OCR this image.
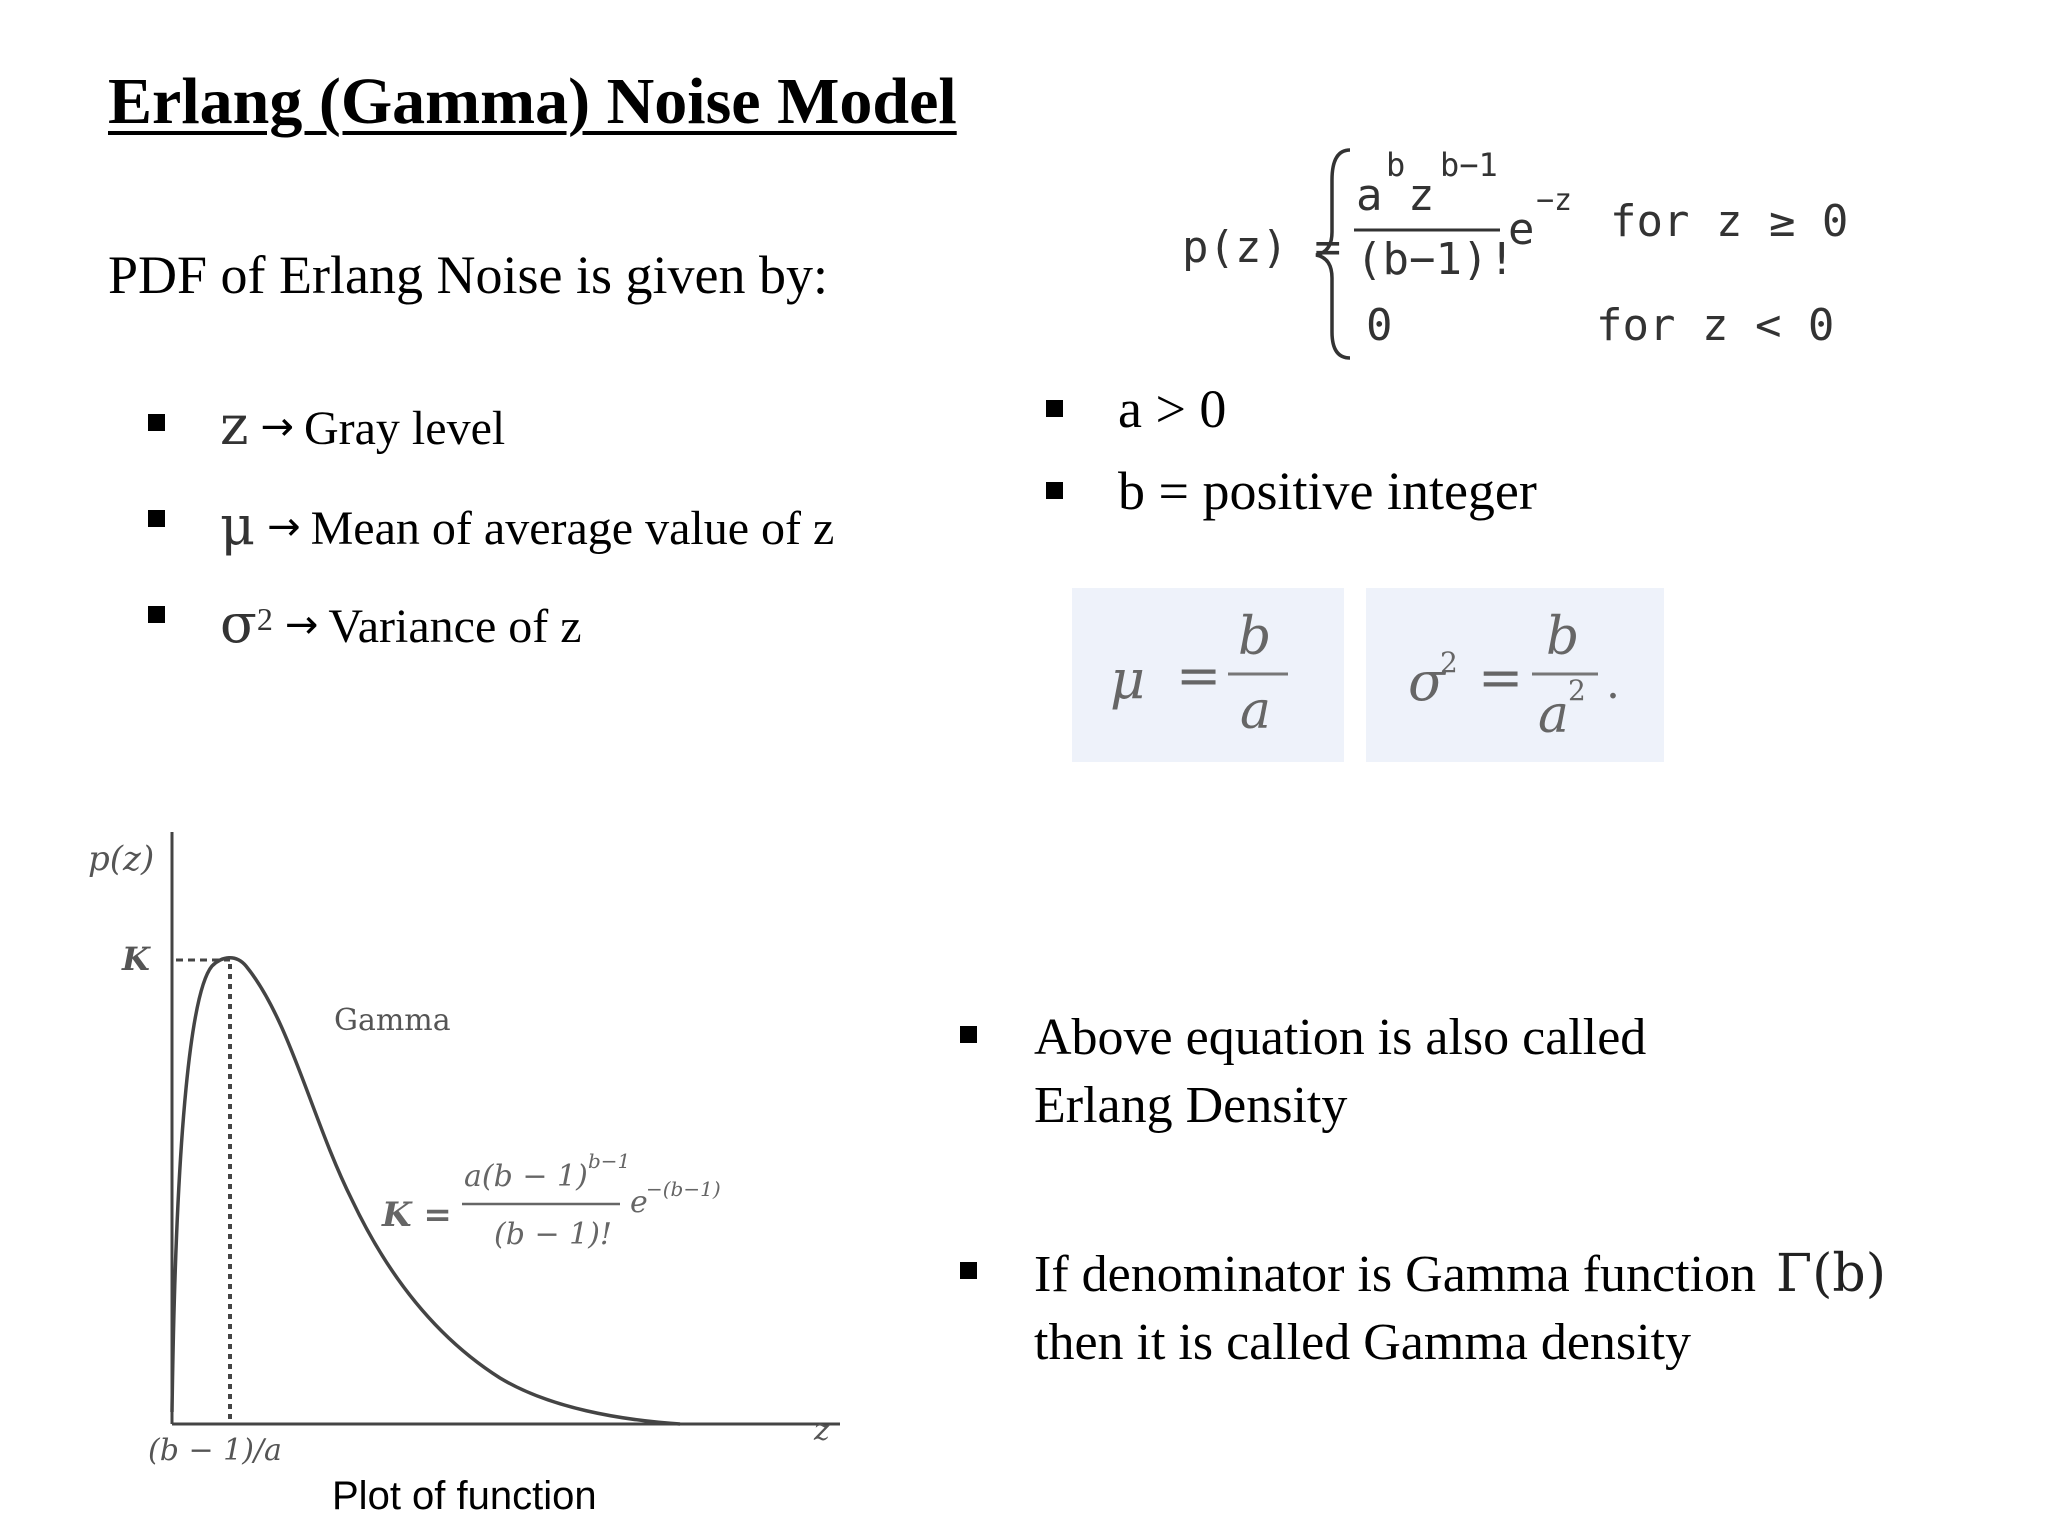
Erlang (Gamma) Noise Model
PDF of Erlang Noise is given by:	p(z) =
a
b
z
b−1
(b−1)!
e
−z for z ≥ 0
0	for z < 0
z → Gray level
μ → Mean of average value of z
$\sigma^2$ → Variance of z
a > 0
b = positive integer
μ =
b
a	σ
2 =
b
a
2 .
p(z)
K
(b − 1)/a
z
Gamma
K =
a(b − 1) b−1
(b − 1)!
e
−(b−1)
Plot of function
Above equation is also called
Erlang Density
If denominator is Gamma function Γ(b)
then it is called Gamma density
